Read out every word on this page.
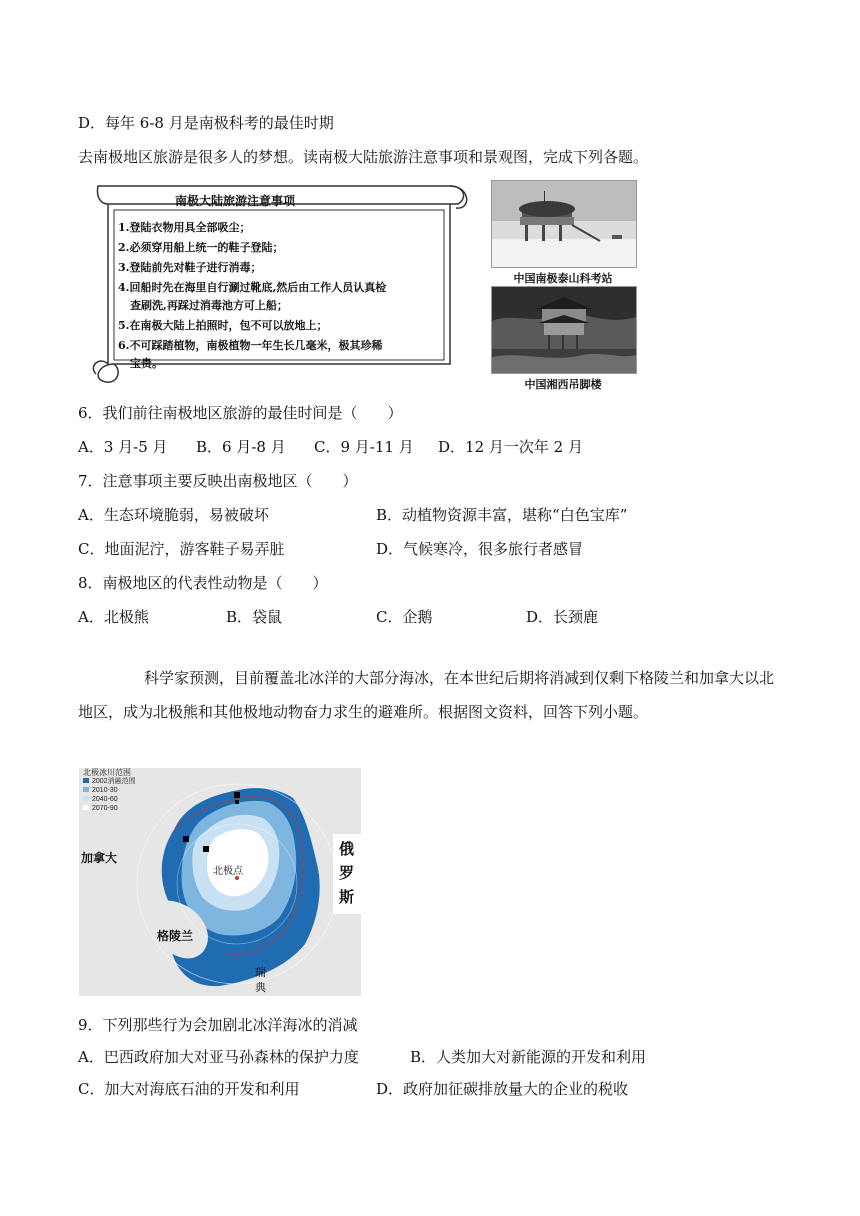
D．每年 6-8 月是南极科考的最佳时期
去南极地区旅游是很多人的梦想。读南极大陆旅游注意事项和景观图，完成下列各题。
南极大陆旅游注意事项
1.登陆衣物用具全部吸尘；
2.必须穿用船上统一的鞋子登陆；
3.登陆前先对鞋子进行消毒；
4.回船时先在海里自行涮过靴底,然后由工作人员认真检
查刷洗,再踩过消毒池方可上船；
5.在南极大陆上拍照时，包不可以放地上；
6.不可踩踏植物，南极植物一年生长几毫米，极其珍稀
宝贵。
中国南极泰山科考站
中国湘西吊脚楼
6．我们前往南极地区旅游的最佳时间是（　　）
A．3 月-5 月 B．6 月-8 月 C．9 月-11 月 D．12 月一次年 2 月
7．注意事项主要反映出南极地区（　　）
A．生态环境脆弱，易被破坏	B．动植物资源丰富，堪称“白色宝库”
C．地面泥泞，游客鞋子易弄脏	D．气候寒冷，很多旅行者感冒
8．南极地区的代表性动物是（　　）
A．北极熊	B．袋鼠	C．企鹅	D．长颈鹿
科学家预测，目前覆盖北冰洋的大部分海冰，在本世纪后期将消减到仅剩下格陵兰和加拿大以北地区，成为北极熊和其他极地动物奋力求生的避难所。根据图文资料，回答下列小题。
北极冰川范围
2002消融范围
2010-30
2040-60
2070-90
加拿大
北极点
俄
罗
斯
格陵兰
瑞
典
9．下列那些行为会加剧北冰洋海冰的消减
A．巴西政府加大对亚马孙森林的保护力度	B．人类加大对新能源的开发和利用
C．加大对海底石油的开发和利用	D．政府加征碳排放量大的企业的税收
